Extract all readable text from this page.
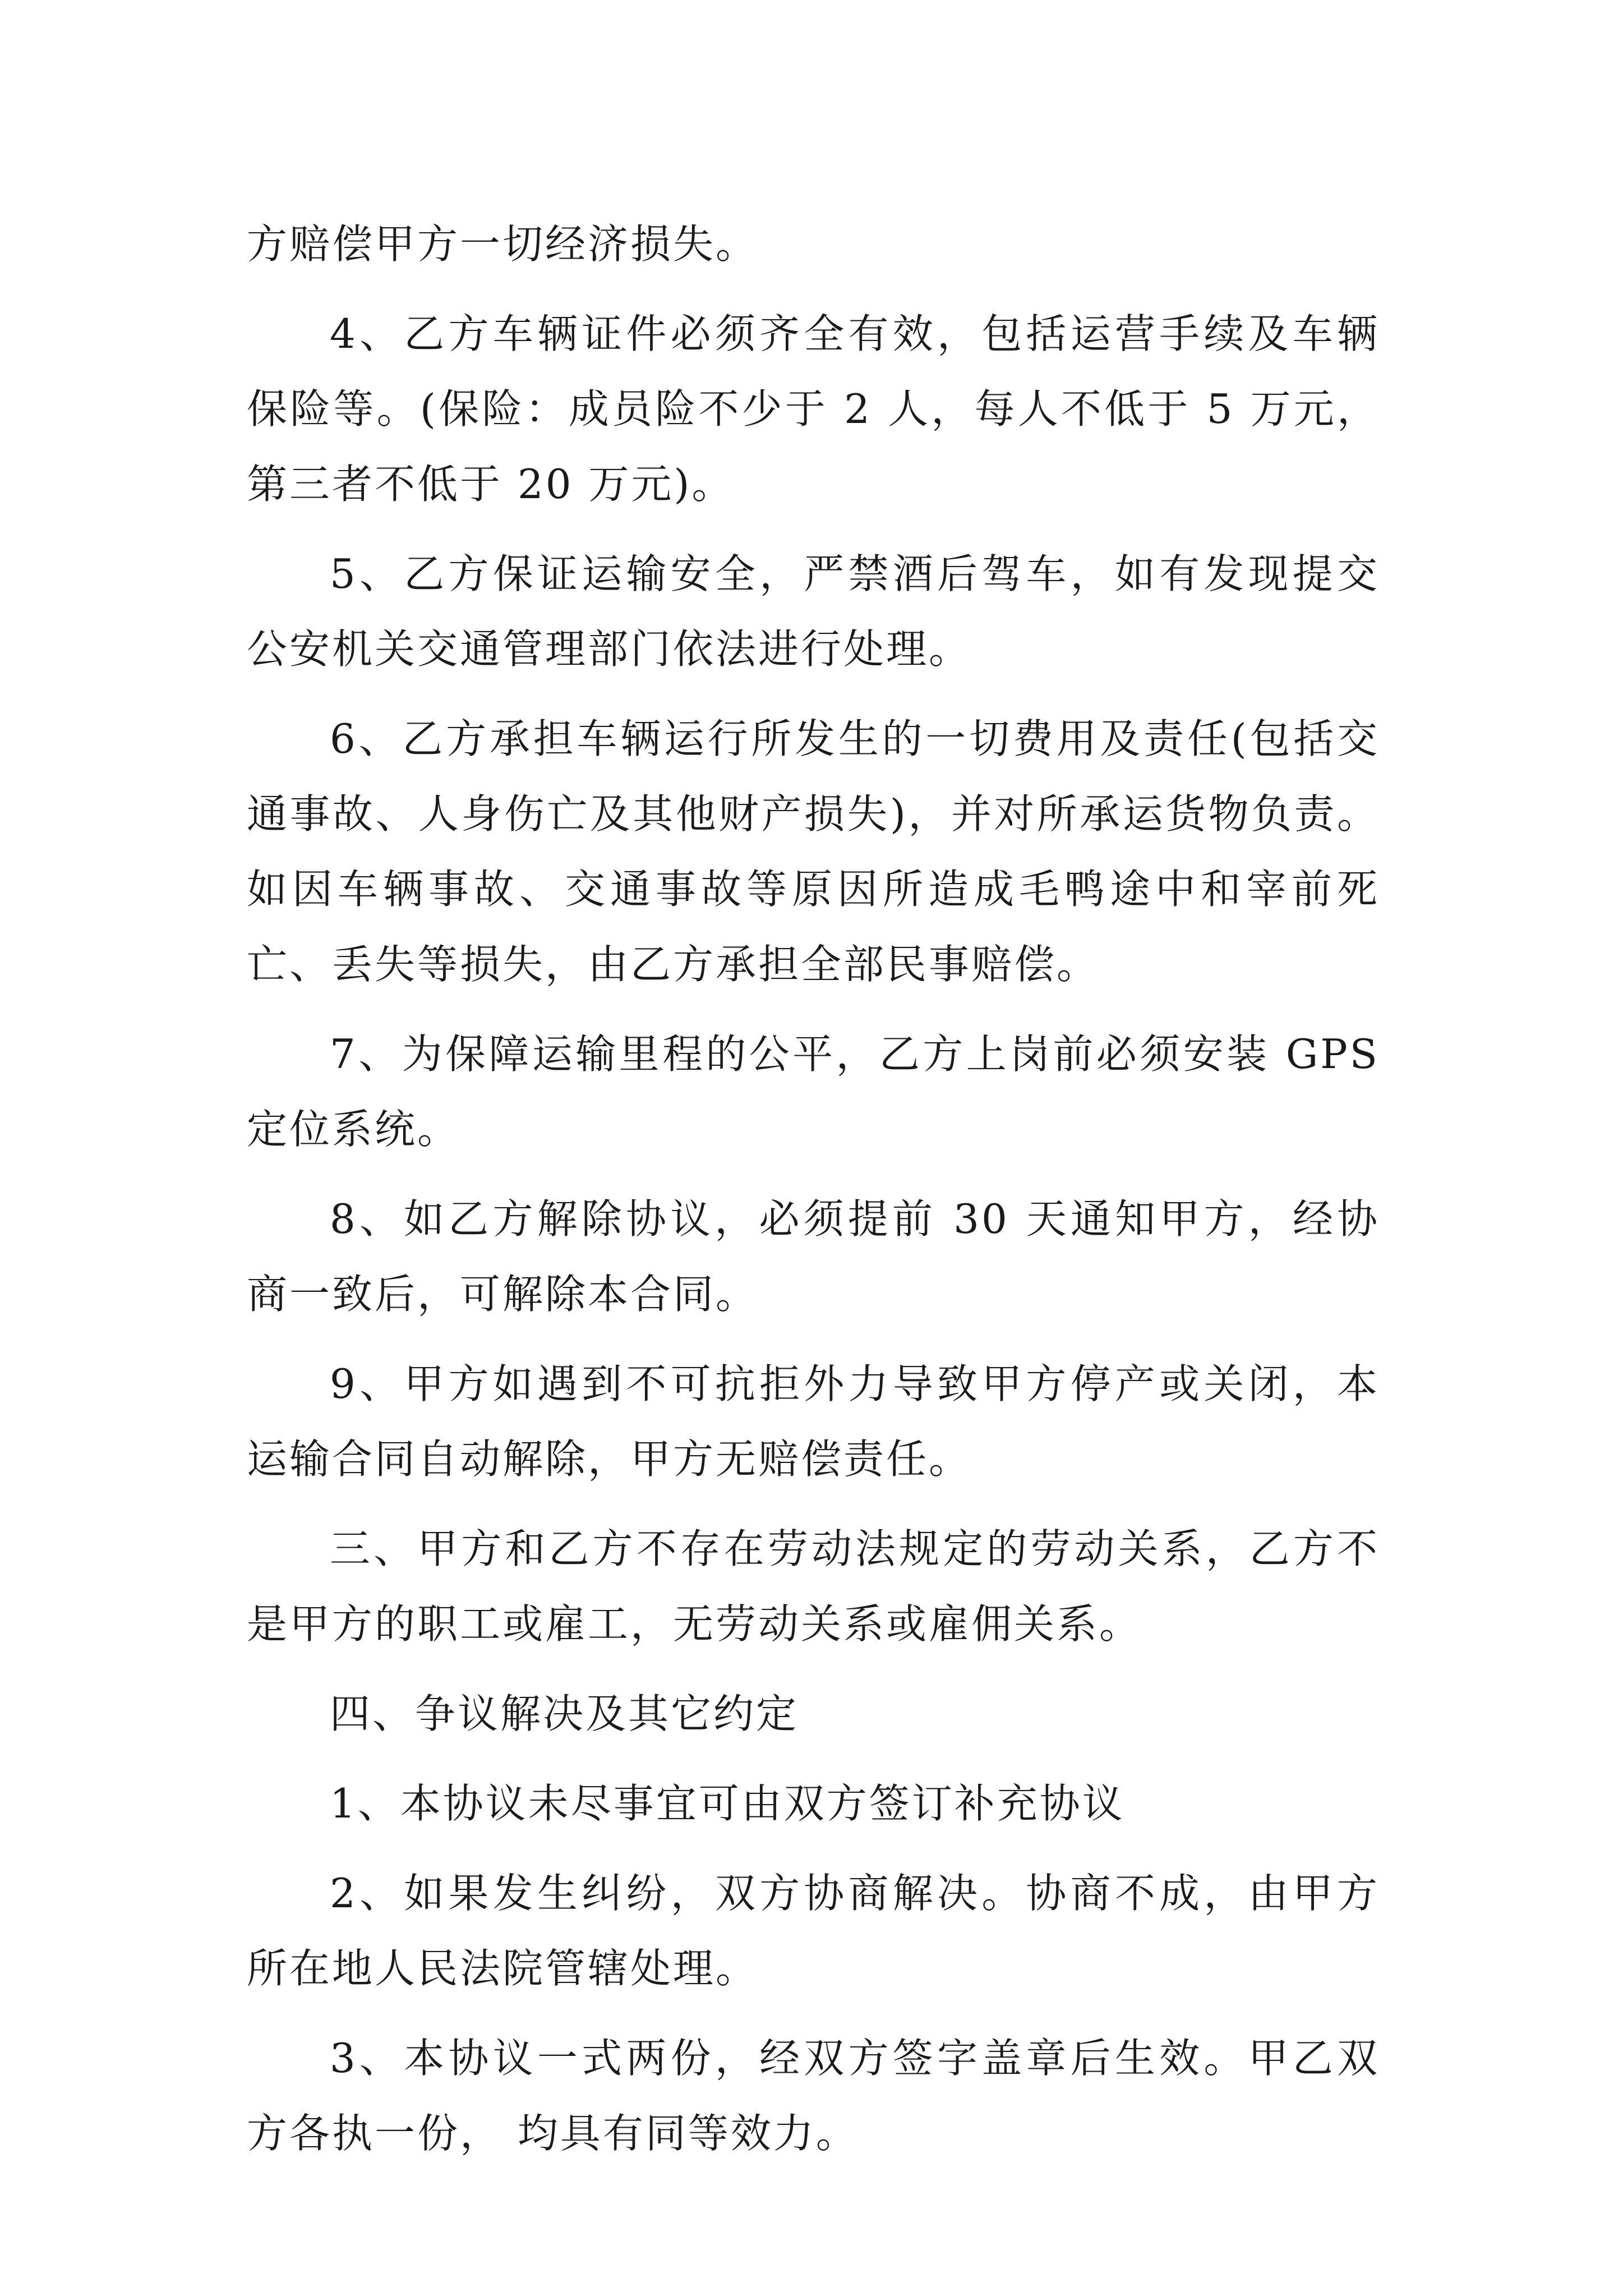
方赔偿甲方一切经济损失。

4、乙方车辆证件必须齐全有效，包括运营手续及车辆保险等。(保险：成员险不少于 2 人，每人不低于 5 万元，第三者不低于 20 万元)。

5、乙方保证运输安全，严禁酒后驾车，如有发现提交公安机关交通管理部门依法进行处理。

6、乙方承担车辆运行所发生的一切费用及责任(包括交通事故、人身伤亡及其他财产损失)，并对所承运货物负责。如因车辆事故、交通事故等原因所造成毛鸭途中和宰前死亡、丢失等损失，由乙方承担全部民事赔偿。

7、为保障运输里程的公平，乙方上岗前必须安装 GPS 定位系统。

8、如乙方解除协议，必须提前 30 天通知甲方，经协商一致后，可解除本合同。

9、甲方如遇到不可抗拒外力导致甲方停产或关闭，本运输合同自动解除，甲方无赔偿责任。

三、甲方和乙方不存在劳动法规定的劳动关系，乙方不是甲方的职工或雇工，无劳动关系或雇佣关系。

四、争议解决及其它约定

1、本协议未尽事宜可由双方签订补充协议

2、如果发生纠纷，双方协商解决。协商不成，由甲方所在地人民法院管辖处理。

3、本协议一式两份，经双方签字盖章后生效。甲乙双方各执一份， 均具有同等效力。
